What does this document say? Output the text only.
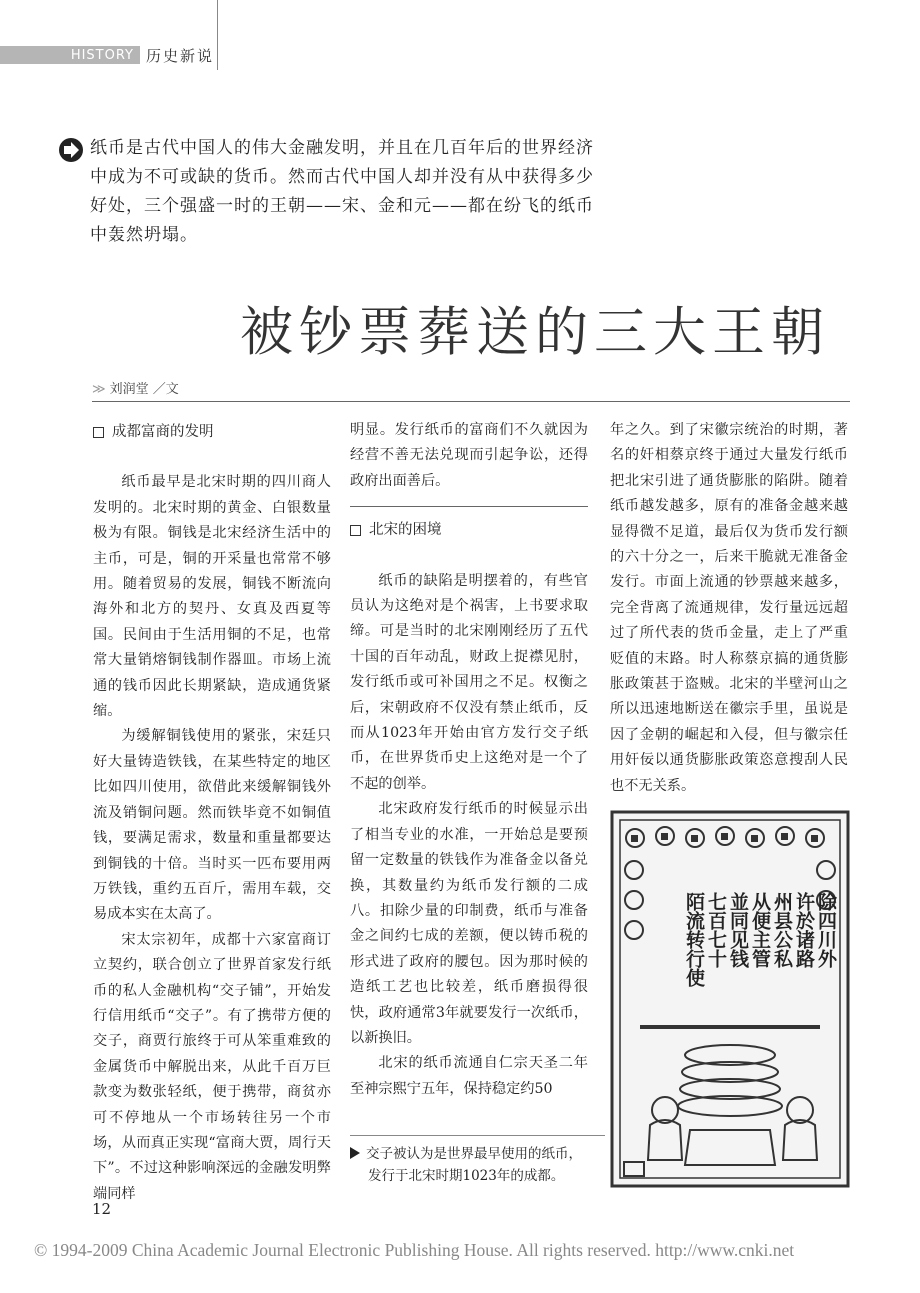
HISTORY 历史新说
纸币是古代中国人的伟大金融发明，并且在几百年后的世界经济中成为不可或缺的货币。然而古代中国人却并没有从中获得多少好处，三个强盛一时的王朝——宋、金和元——都在纷飞的纸币中轰然坍塌。
被钞票葬送的三大王朝
≫ 刘润堂 ／文
成都富商的发明

纸币最早是北宋时期的四川商人发明的。北宋时期的黄金、白银数量极为有限。铜钱是北宋经济生活中的主币，可是，铜的开采量也常常不够用。随着贸易的发展，铜钱不断流向海外和北方的契丹、女真及西夏等国。民间由于生活用铜的不足，也常常大量销熔铜钱制作器皿。市场上流通的钱币因此长期紧缺，造成通货紧缩。

为缓解铜钱使用的紧张，宋廷只好大量铸造铁钱，在某些特定的地区比如四川使用，欲借此来缓解铜钱外流及销铜问题。然而铁毕竟不如铜值钱，要满足需求，数量和重量都要达到铜钱的十倍。当时买一匹布要用两万铁钱，重约五百斤，需用车载，交易成本实在太高了。

宋太宗初年，成都十六家富商订立契约，联合创立了世界首家发行纸币的私人金融机构“交子铺”，开始发行信用纸币“交子”。有了携带方便的交子，商贾行旅终于可从笨重难致的金属货币中解脱出来，从此千百万巨款变为数张轻纸，便于携带，商贫亦可不停地从一个市场转往另一个市场，从而真正实现“富商大贾，周行天下”。不过这种影响深远的金融发明弊端同样

明显。发行纸币的富商们不久就因为经营不善无法兑现而引起争讼，还得政府出面善后。
北宋的困境

纸币的缺陷是明摆着的，有些官员认为这绝对是个祸害，上书要求取缔。可是当时的北宋刚刚经历了五代十国的百年动乱，财政上捉襟见肘，发行纸币或可补国用之不足。权衡之后，宋朝政府不仅没有禁止纸币，反而从1023年开始由官方发行交子纸币，在世界货币史上这绝对是一个了不起的创举。

北宋政府发行纸币的时候显示出了相当专业的水准，一开始总是要预留一定数量的铁钱作为准备金以备兑换，其数量约为纸币发行额的二成八。扣除少量的印制费，纸币与准备金之间约七成的差额，便以铸币税的形式进了政府的腰包。因为那时候的造纸工艺也比较差，纸币磨损得很快，政府通常3年就要发行一次纸币，以新换旧。

北宋的纸币流通自仁宗天圣二年至神宗熙宁五年，保持稳定约50

年之久。到了宋徽宗统治的时期，著名的奸相蔡京终于通过大量发行纸币把北宋引进了通货膨胀的陷阱。随着纸币越发越多，原有的准备金越来越显得微不足道，最后仅为货币发行额的六十分之一，后来干脆就无准备金发行。市面上流通的钞票越来越多，完全背离了流通规律，发行量远远超过了所代表的货币金量，走上了严重贬值的末路。时人称蔡京搞的通货膨胀政策甚于盗贼。北宋的半壁河山之所以迅速地断送在徽宗手里，虽说是因了金朝的崛起和入侵，但与徽宗任用奸佞以通货膨胀政策恣意搜刮人民也不无关系。
除四川外
许於诸路
州县公私
从便主管
並同见钱
七百七十
陌流转行使
交子被认为是世界最早使用的纸币，
发行于北宋时期1023年的成都。
12
© 1994-2009 China Academic Journal Electronic Publishing House. All rights reserved. http://www.cnki.net
